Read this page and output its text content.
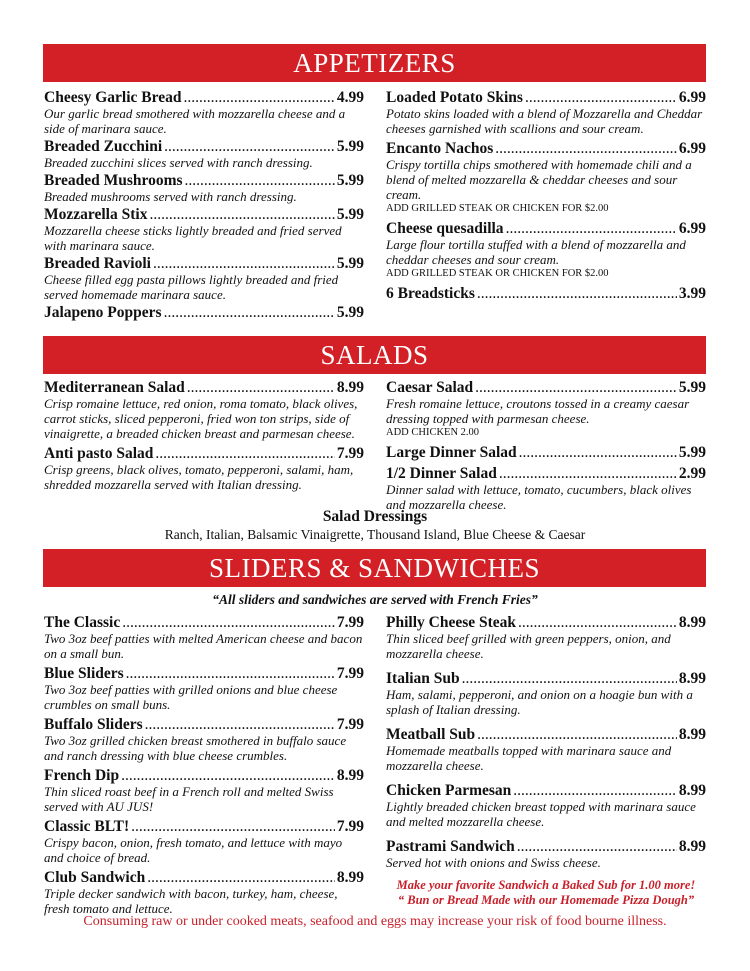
APPETIZERS
Cheesy Garlic Bread .....	4.99
Our garlic bread smothered with mozzarella cheese and a side of marinara sauce.
Breaded Zucchini .....	5.99
Breaded zucchini slices served with ranch dressing.
Breaded Mushrooms .....	5.99
Breaded mushrooms served with ranch dressing.
Mozzarella Stix .....	5.99
Mozzarella cheese sticks lightly breaded and fried served with marinara sauce.
Breaded Ravioli .....	5.99
Cheese filled egg pasta pillows lightly breaded and fried served homemade marinara sauce.
Jalapeno Poppers .....	5.99
Loaded Potato Skins .....	6.99
Potato skins loaded with a blend of Mozzarella and Cheddar cheeses garnished with scallions and sour cream.
Encanto Nachos .....	6.99
Crispy tortilla chips smothered with homemade chili and a blend of melted mozzarella & cheddar cheeses and sour cream.
ADD GRILLED STEAK OR CHICKEN FOR $2.00
Cheese quesadilla .....	6.99
Large flour tortilla stuffed with a blend of mozzarella and cheddar cheeses and sour cream.
ADD GRILLED STEAK OR CHICKEN FOR $2.00
6 Breadsticks .....	3.99
SALADS
Mediterranean Salad .....	8.99
Crisp romaine lettuce, red onion, roma tomato, black olives, carrot sticks, sliced pepperoni, fried won ton strips, side of vinaigrette, a breaded chicken breast and parmesan cheese.
Anti pasto Salad .....	7.99
Crisp greens, black olives, tomato, pepperoni, salami, ham, shredded mozzarella served with Italian dressing.
Caesar Salad .....	5.99
Fresh romaine lettuce, croutons tossed in a creamy caesar dressing topped with parmesan cheese.
ADD CHICKEN 2.00
Large Dinner Salad .....	5.99
1/2 Dinner Salad .....	2.99
Dinner salad with lettuce, tomato, cucumbers, black olives and mozzarella cheese.
Salad Dressings
Ranch, Italian, Balsamic Vinaigrette, Thousand Island, Blue Cheese & Caesar
SLIDERS & SANDWICHES
“All sliders and sandwiches are served with French Fries”
The Classic .....	7.99
Two 3oz beef patties with melted American cheese and bacon on a small bun.
Blue Sliders .....	7.99
Two 3oz beef patties with grilled onions and blue cheese crumbles on small buns.
Buffalo Sliders .....	7.99
Two 3oz grilled chicken breast smothered in buffalo sauce and ranch dressing with blue cheese crumbles.
French Dip .....	8.99
Thin sliced roast beef in a French roll and melted Swiss served with AU JUS!
Classic BLT! .....	7.99
Crispy bacon, onion, fresh tomato, and lettuce with mayo and choice of bread.
Club Sandwich .....	8.99
Triple decker sandwich with bacon, turkey, ham, cheese, fresh tomato and lettuce.
Philly Cheese Steak .....	8.99
Thin sliced beef grilled with green peppers, onion, and mozzarella cheese.
Italian Sub .....	8.99
Ham, salami, pepperoni, and onion on a hoagie bun with a splash of Italian dressing.
Meatball Sub .....	8.99
Homemade meatballs topped with marinara sauce and mozzarella cheese.
Chicken Parmesan .....	8.99
Lightly breaded chicken breast topped with marinara sauce and melted mozzarella cheese.
Pastrami Sandwich .....	8.99
Served hot with onions and Swiss cheese.
Make your favorite Sandwich a Baked Sub for 1.00 more!
“ Bun or Bread Made with our Homemade Pizza Dough”
Consuming raw or under cooked meats, seafood and eggs may increase your risk of food bourne illness.
